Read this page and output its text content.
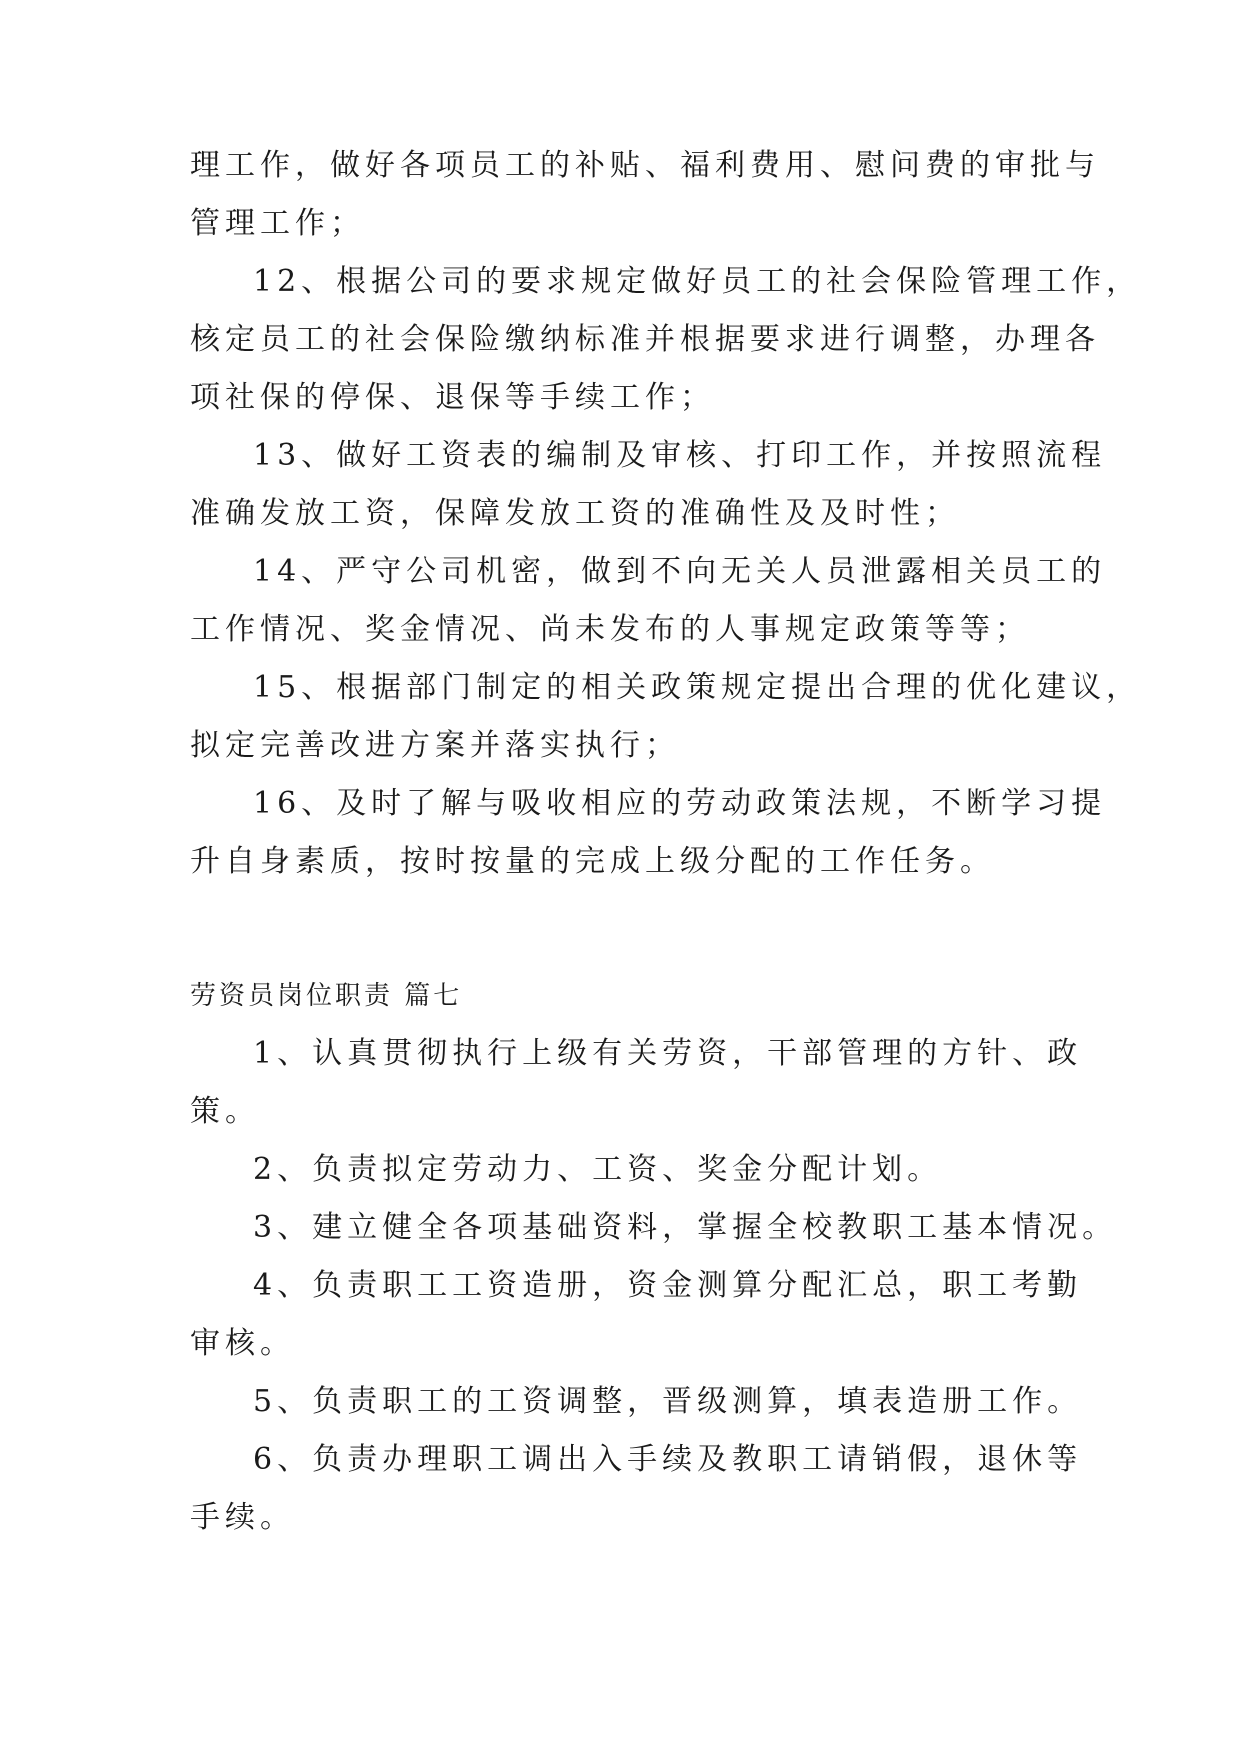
理工作，做好各项员工的补贴、福利费用、慰问费的审批与
管理工作；
12、根据公司的要求规定做好员工的社会保险管理工作，
核定员工的社会保险缴纳标准并根据要求进行调整，办理各
项社保的停保、退保等手续工作；
13、做好工资表的编制及审核、打印工作，并按照流程
准确发放工资，保障发放工资的准确性及及时性；
14、严守公司机密，做到不向无关人员泄露相关员工的
工作情况、奖金情况、尚未发布的人事规定政策等等；
15、根据部门制定的相关政策规定提出合理的优化建议，
拟定完善改进方案并落实执行；
16、及时了解与吸收相应的劳动政策法规，不断学习提
升自身素质，按时按量的完成上级分配的工作任务。
劳资员岗位职责 篇七
1、认真贯彻执行上级有关劳资，干部管理的方针、政
策。
2、负责拟定劳动力、工资、奖金分配计划。
3、建立健全各项基础资料，掌握全校教职工基本情况。
4、负责职工工资造册，资金测算分配汇总，职工考勤
审核。
5、负责职工的工资调整，晋级测算，填表造册工作。
6、负责办理职工调出入手续及教职工请销假，退休等
手续。
